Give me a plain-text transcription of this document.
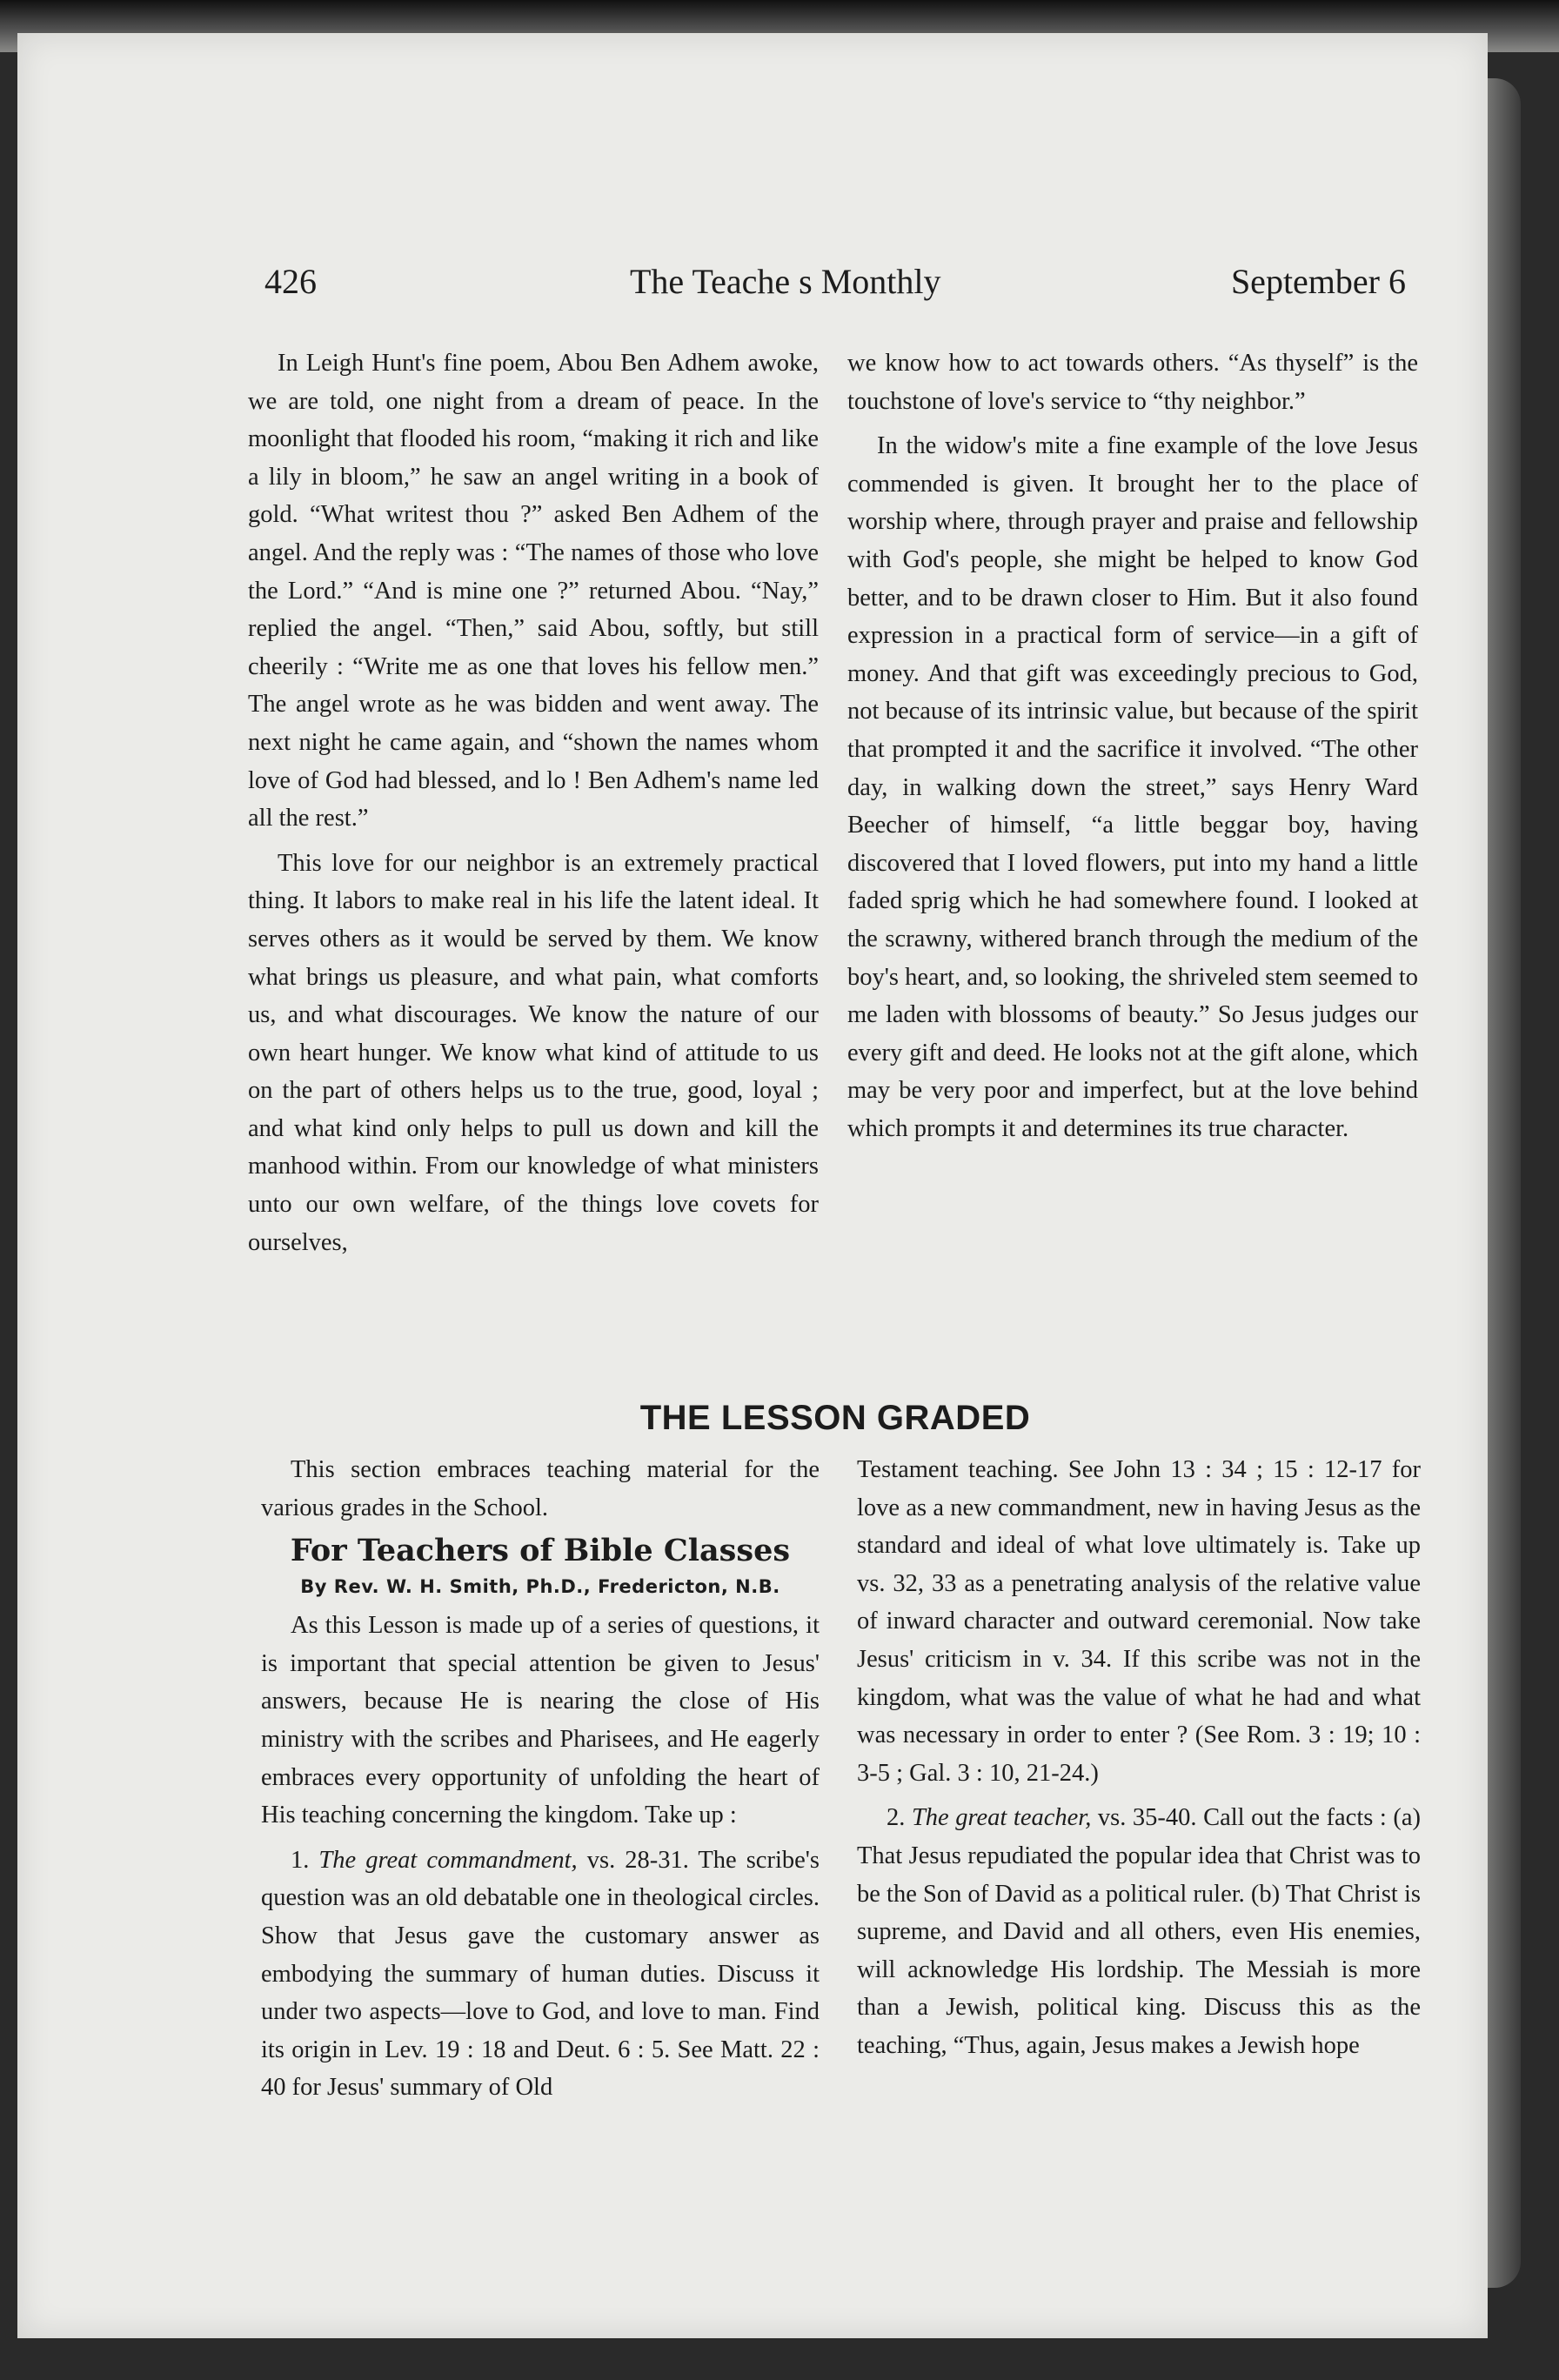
426	The Teache s Monthly	September 6

In Leigh Hunt's fine poem, Abou Ben Adhem awoke, we are told, one night from a dream of peace. In the moonlight that flooded his room, “making it rich and like a lily in bloom,” he saw an angel writing in a book of gold. “What writest thou ?” asked Ben Adhem of the angel. And the reply was : “The names of those who love the Lord.” “And is mine one ?” returned Abou. “Nay,” replied the angel. “Then,” said Abou, softly, but still cheerily : “Write me as one that loves his fellow men.” The angel wrote as he was bidden and went away. The next night he came again, and “shown the names whom love of God had blessed, and lo ! Ben Adhem's name led all the rest.”

This love for our neighbor is an extremely practical thing. It labors to make real in his life the latent ideal. It serves others as it would be served by them. We know what brings us pleasure, and what pain, what comforts us, and what discourages. We know the nature of our own heart hunger. We know what kind of attitude to us on the part of others helps us to the true, good, loyal ; and what kind only helps to pull us down and kill the manhood within. From our knowledge of what ministers unto our own welfare, of the things love covets for ourselves,

we know how to act towards others. “As thyself” is the touchstone of love's service to “thy neighbor.”

In the widow's mite a fine example of the love Jesus commended is given. It brought her to the place of worship where, through prayer and praise and fellowship with God's people, she might be helped to know God better, and to be drawn closer to Him. But it also found expression in a practical form of service—in a gift of money. And that gift was exceedingly precious to God, not because of its intrinsic value, but because of the spirit that prompted it and the sacrifice it involved. “The other day, in walking down the street,” says Henry Ward Beecher of himself, “a little beggar boy, having discovered that I loved flowers, put into my hand a little faded sprig which he had somewhere found. I looked at the scrawny, withered branch through the medium of the boy's heart, and, so looking, the shriveled stem seemed to me laden with blossoms of beauty.” So Jesus judges our every gift and deed. He looks not at the gift alone, which may be very poor and imperfect, but at the love behind which prompts it and determines its true character.

THE LESSON GRADED

This section embraces teaching material for the various grades in the School.

For Teachers of Bible Classes
By Rev. W. H. Smith, Ph.D., Fredericton, N.B.

As this Lesson is made up of a series of questions, it is important that special attention be given to Jesus' answers, because He is nearing the close of His ministry with the scribes and Pharisees, and He eagerly embraces every opportunity of unfolding the heart of His teaching concerning the kingdom. Take up :

1. The great commandment, vs. 28-31. The scribe's question was an old debatable one in theological circles. Show that Jesus gave the customary answer as embodying the summary of human duties. Discuss it under two aspects—love to God, and love to man. Find its origin in Lev. 19 : 18 and Deut. 6 : 5. See Matt. 22 : 40 for Jesus' summary of Old

Testament teaching. See John 13 : 34 ; 15 : 12-17 for love as a new commandment, new in having Jesus as the standard and ideal of what love ultimately is. Take up vs. 32, 33 as a penetrating analysis of the relative value of inward character and outward ceremonial. Now take Jesus' criticism in v. 34. If this scribe was not in the kingdom, what was the value of what he had and what was necessary in order to enter ? (See Rom. 3 : 19; 10 : 3-5 ; Gal. 3 : 10, 21-24.)

2. The great teacher, vs. 35-40. Call out the facts : (a) That Jesus repudiated the popular idea that Christ was to be the Son of David as a political ruler. (b) That Christ is supreme, and David and all others, even His enemies, will acknowledge His lordship. The Messiah is more than a Jewish, political king. Discuss this as the teaching, “Thus, again, Jesus makes a Jewish hope
